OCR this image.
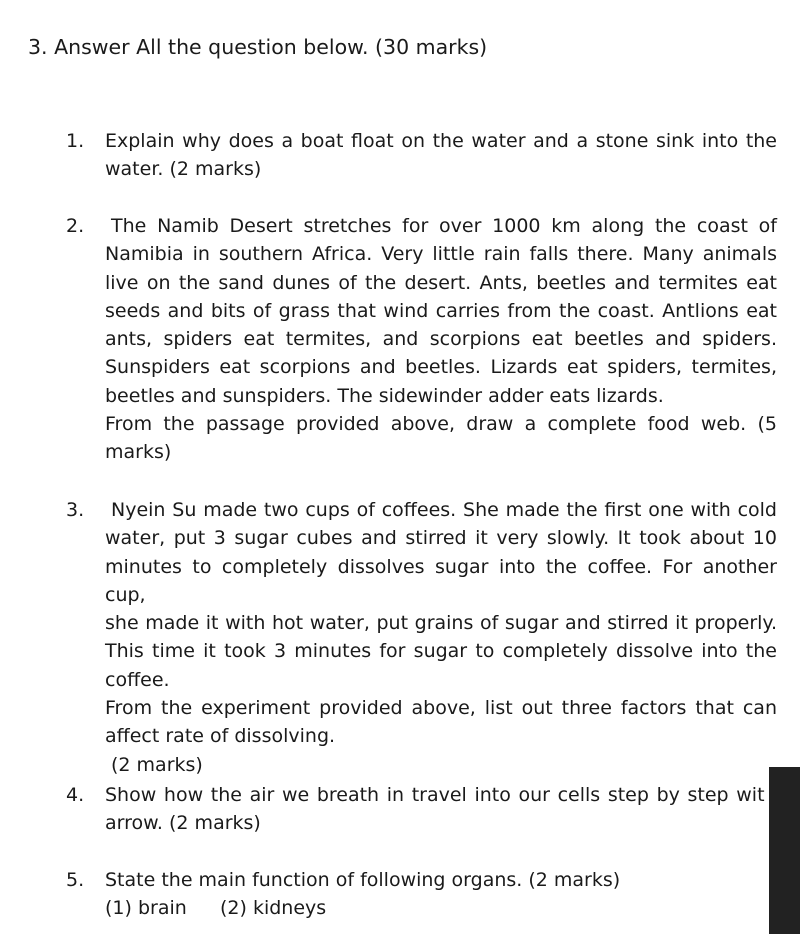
3. Answer All the question below. (30 marks)
1. Explain why does a boat float on the water and a stone sink into the
water. (2 marks)
2.	The Namib Desert stretches for over 1000 km along the coast of
Namibia in southern Africa. Very little rain falls there. Many animals
live on the sand dunes of the desert. Ants, beetles and termites eat
seeds and bits of grass that wind carries from the coast. Antlions eat
ants, spiders eat termites, and scorpions eat beetles and spiders.
Sunspiders eat scorpions and beetles. Lizards eat spiders, termites,
beetles and sunspiders. The sidewinder adder eats lizards.
From the passage provided above, draw a complete food web. (5
marks)
3.	Nyein Su made two cups of coffees. She made the first one with cold
water, put 3 sugar cubes and stirred it very slowly. It took about 10
minutes to completely dissolves sugar into the coffee. For another cup,
she made it with hot water, put grains of sugar and stirred it properly.
This time it took 3 minutes for sugar to completely dissolve into the
coffee.
From the experiment provided above, list out three factors that can
affect rate of dissolving.
(2 marks)
4. Show how the air we breath in travel into our cells step by step wit
arrow. (2 marks)
5. State the main function of following organs. (2 marks)
(1) brain (2) kidneys
